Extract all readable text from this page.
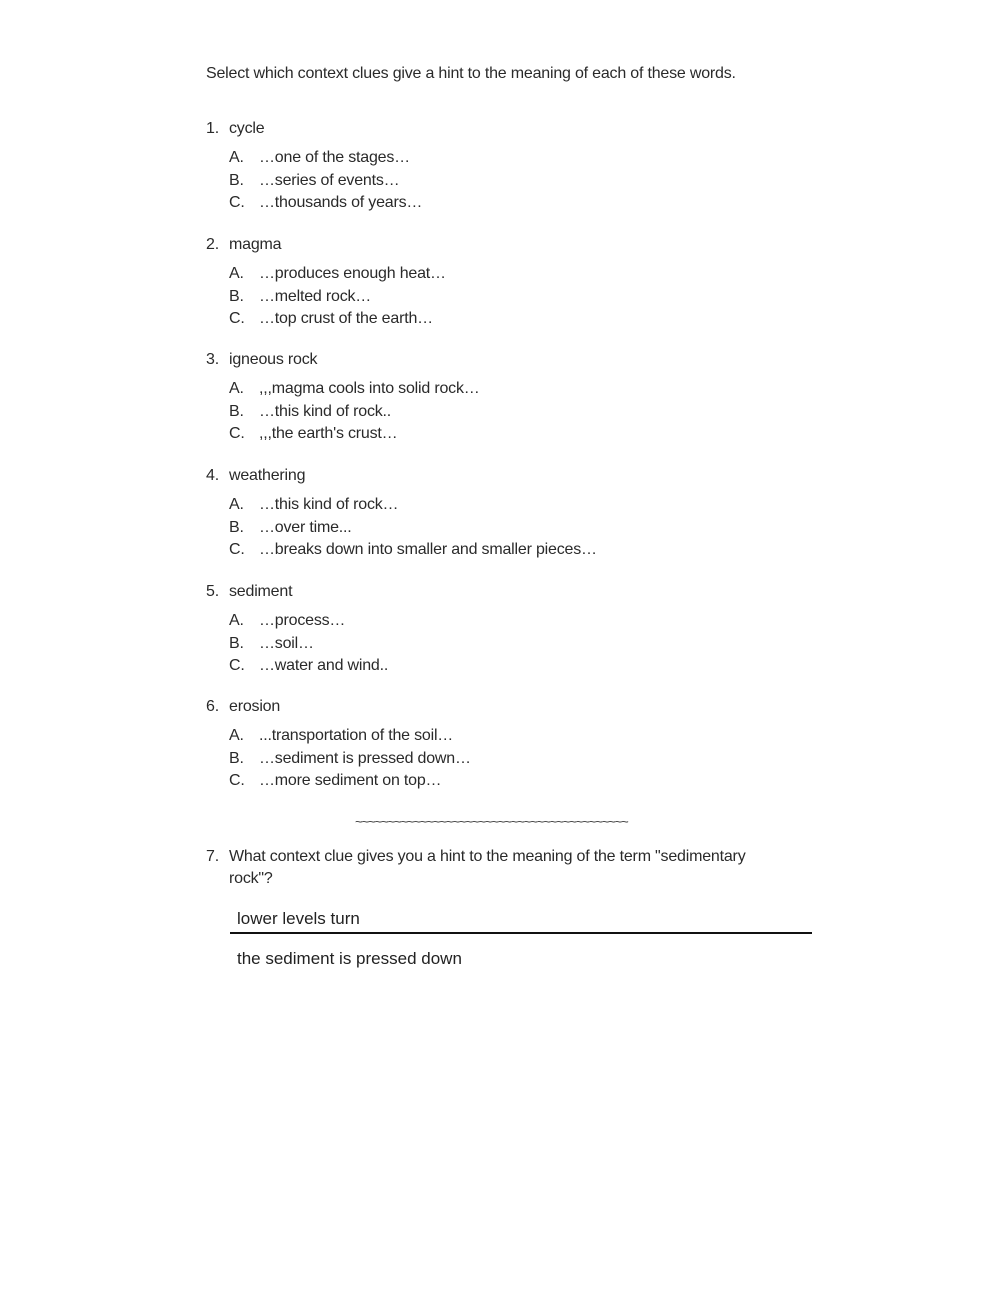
Select which context clues give a hint to the meaning of each of these words.
1. cycle
A. …one of the stages…
B. …series of events…
C. …thousands of years…
2. magma
A. …produces enough heat…
B. …melted rock…
C. …top crust of the earth…
3. igneous rock
A. ,,,magma cools into solid rock…
B. …this kind of rock..
C. ,,,the earth's crust…
4. weathering
A. …this kind of rock…
B. …over time...
C. …breaks down into smaller and smaller pieces…
5. sediment
A. …process…
B. …soil…
C. …water and wind..
6. erosion
A. ...transportation of the soil…
B. …sediment is pressed down…
C. …more sediment on top…
~~~~~~~~~~~~~~~~~~~~~~~~~~~~~~~~~~~~~~~~~~
7. What context clue gives you a hint to the meaning of the term "sedimentary rock"?
lower levels turn
the sediment is pressed down
